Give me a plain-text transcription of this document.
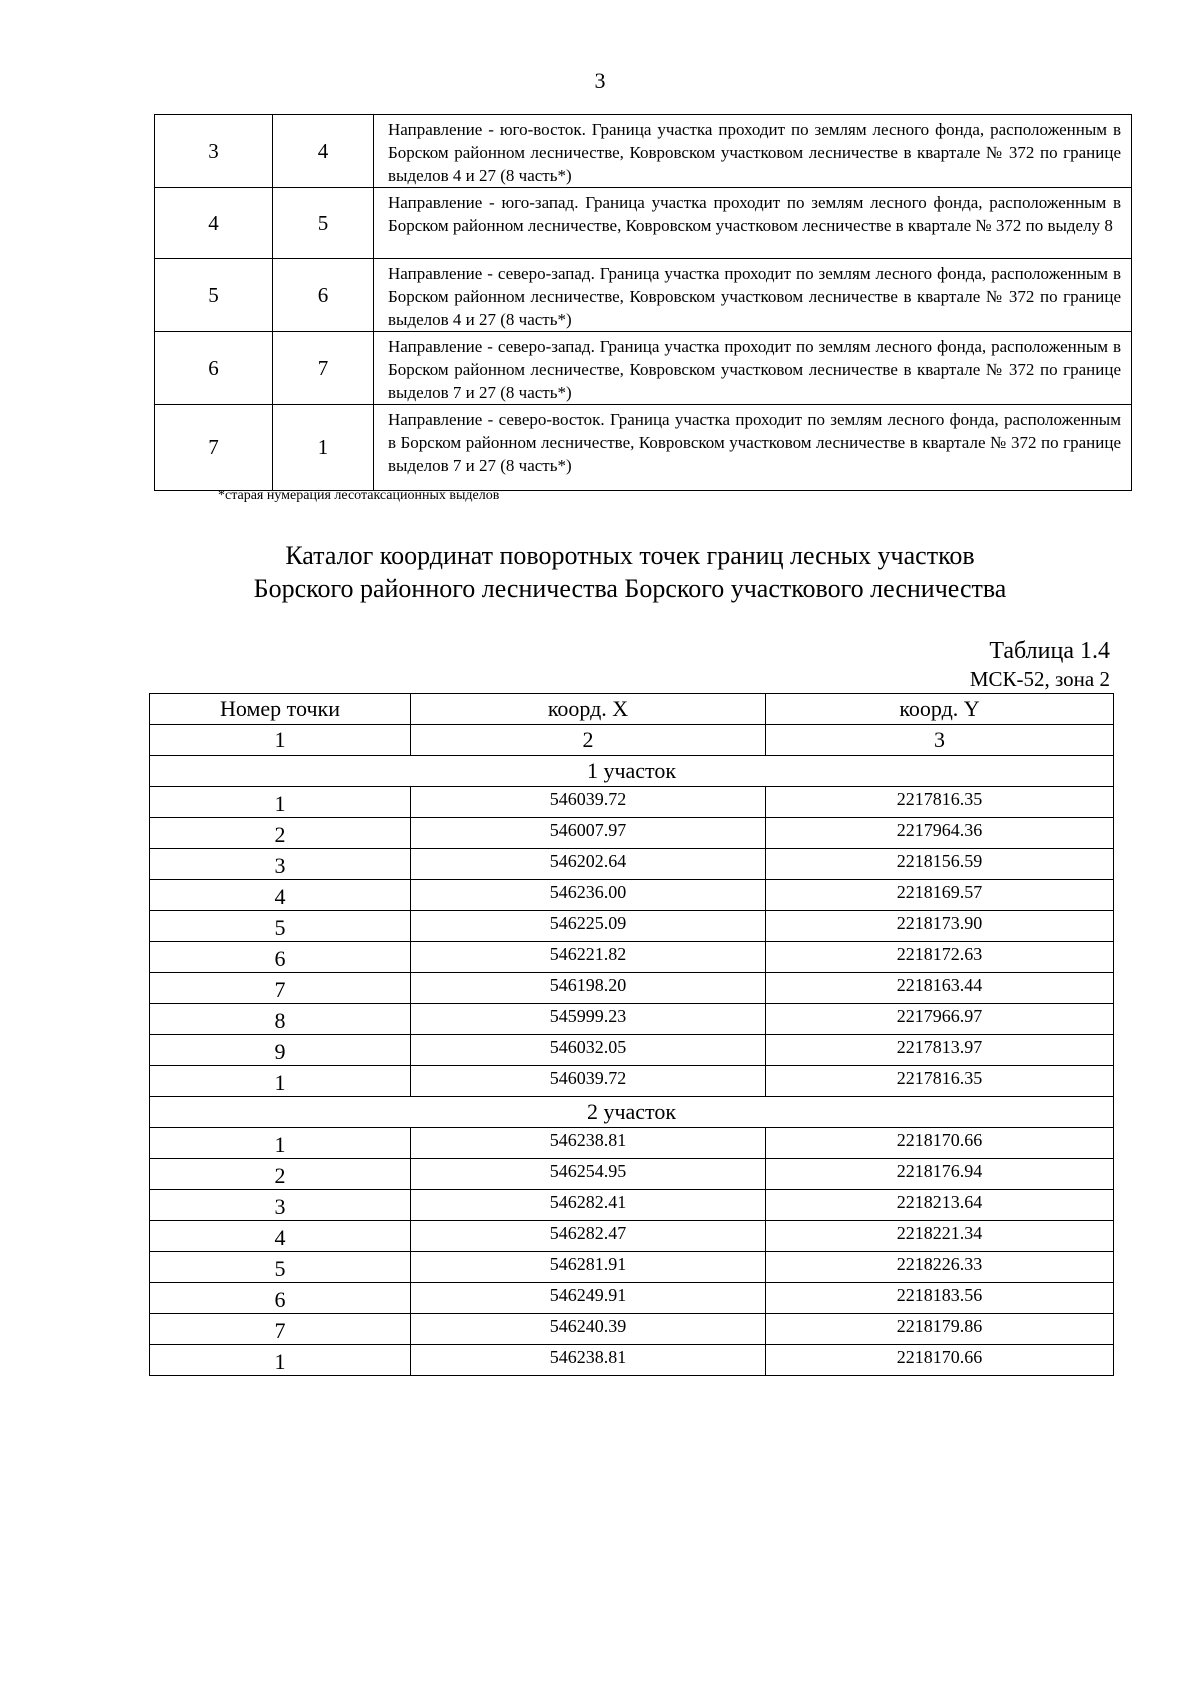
3
3	4	Направление - юго-восток. Граница участка проходит по землям лесного фонда, расположенным в Борском районном лесничестве, Ковровском участковом лесничестве в квартале № 372 по границе выделов 4 и 27 (8 часть*)
4	5	Направление - юго-запад. Граница участка проходит по землям лесного фонда, расположенным в Борском районном лесничестве, Ковровском участковом лесничестве в квартале № 372 по выделу 8
5	6	Направление - северо-запад. Граница участка проходит по землям лесного фонда, расположенным в Борском районном лесничестве, Ковровском участковом лесничестве в квартале № 372 по границе выделов 4 и 27 (8 часть*)
6	7	Направление - северо-запад. Граница участка проходит по землям лесного фонда, расположенным в Борском районном лесничестве, Ковровском участковом лесничестве в квартале № 372 по границе выделов 7 и 27 (8 часть*)
7	1	Направление - северо-восток. Граница участка проходит по землям лесного фонда, расположенным в Борском районном лесничестве, Ковровском участковом лесничестве в квартале № 372 по границе выделов 7 и 27 (8 часть*)
*старая нумерация лесотаксационных выделов
Каталог координат поворотных точек границ лесных участков
Борского районного лесничества Борского участкового лесничества
Таблица 1.4
МСК-52, зона 2
Номер точки	коорд. X	коорд. Y
1	2	3
1 участок		
1	546039.72	2217816.35
2	546007.97	2217964.36
3	546202.64	2218156.59
4	546236.00	2218169.57
5	546225.09	2218173.90
6	546221.82	2218172.63
7	546198.20	2218163.44
8	545999.23	2217966.97
9	546032.05	2217813.97
1	546039.72	2217816.35
2 участок		
1	546238.81	2218170.66
2	546254.95	2218176.94
3	546282.41	2218213.64
4	546282.47	2218221.34
5	546281.91	2218226.33
6	546249.91	2218183.56
7	546240.39	2218179.86
1	546238.81	2218170.66
